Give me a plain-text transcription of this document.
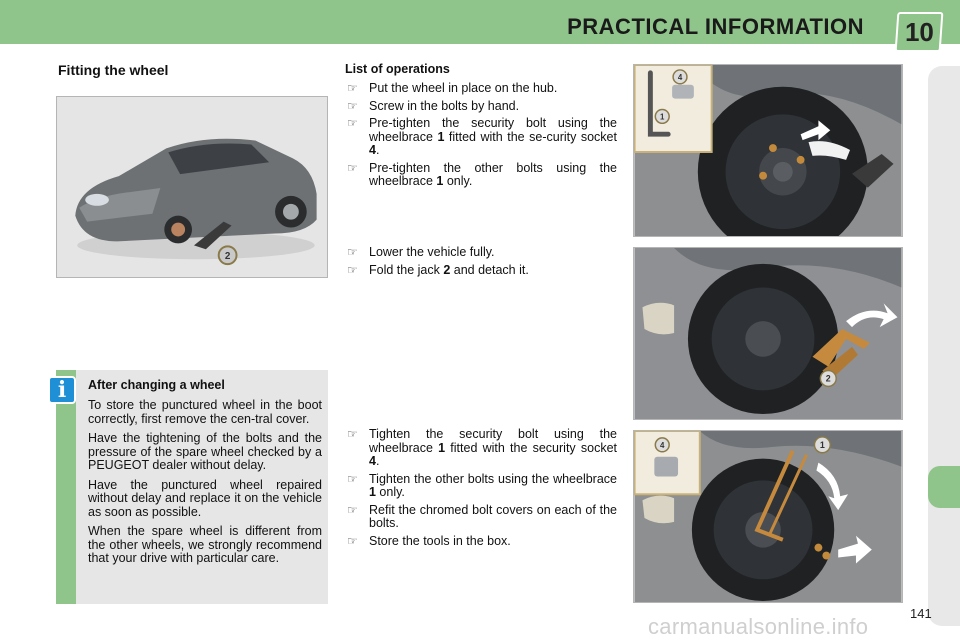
PRACTICAL INFORMATION 10
Fitting the wheel
2
After changing a wheel

To store the punctured wheel in the boot correctly, first remove the cen-tral cover.

Have the tightening of the bolts and the pressure of the spare wheel checked by a PEUGEOT dealer without delay.

Have the punctured wheel repaired without delay and replace it on the vehicle as soon as possible.

When the spare wheel is different from the other wheels, we strongly recommend that your drive with particular care.

i
List of operations
☞ Put the wheel in place on the hub.
☞ Screw in the bolts by hand.
☞ Pre-tighten the security bolt using the wheelbrace 1 fitted with the se-curity socket 4.
☞ Pre-tighten the other bolts using the wheelbrace 1 only.
☞ Lower the vehicle fully.
☞ Fold the jack 2 and detach it.
☞ Tighten the security bolt using the wheelbrace 1 fitted with the security socket 4.
☞ Tighten the other bolts using the wheelbrace 1 only.
☞ Refit the chromed bolt covers on each of the bolts.
☞ Store the tools in the box.
4
1
2
4	1
141
carmanualsonline.info
